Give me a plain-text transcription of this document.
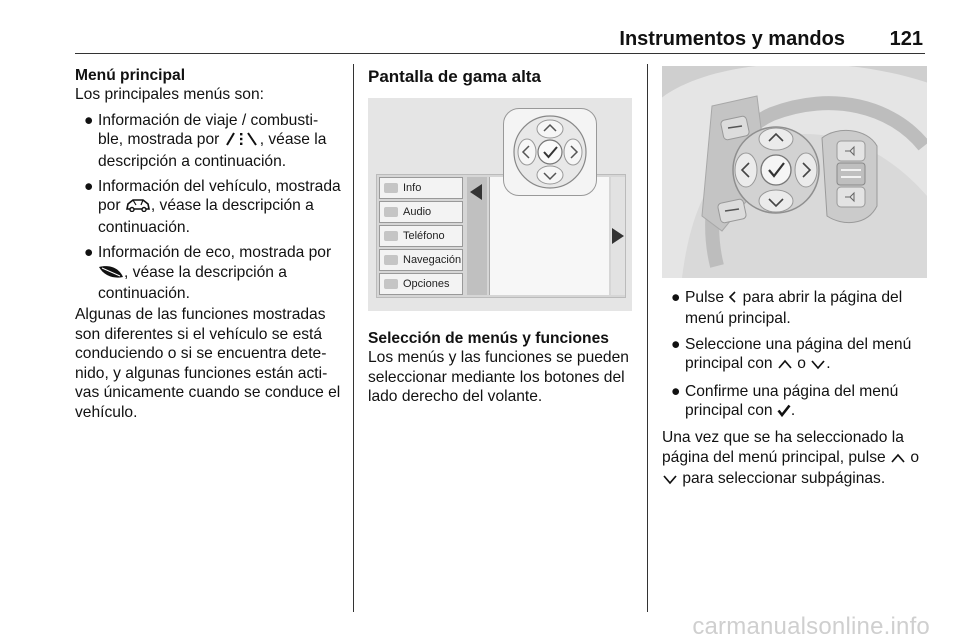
Instrumentos y mandos 121
Menú principal
Los principales menús son:
● Información de viaje / combusti‐ble, mostrada por , véase la descripción a continuación.
● Información del vehículo, mostrada por , véase la descripción a continuación.
● Información de eco, mostrada por , véase la descripción a continuación.

Algunas de las funciones mostradas son diferentes si el vehículo se está conduciendo o si se encuentra dete‐nido, y algunas funciones están acti‐vas únicamente cuando se conduce el vehículo.

Pantalla de gama alta
Info
Audio
Teléfono
Navegación
Opciones
Selección de menús y funciones
Los menús y las funciones se pueden seleccionar mediante los botones del lado derecho del volante.
● Pulse  para abrir la página del menú principal.
● Seleccione una página del menú principal con  o .
● Confirme una página del menú principal con .

Una vez que se ha seleccionado la página del menú principal, pulse  o  para seleccionar subpáginas.

carmanualsonline.info
